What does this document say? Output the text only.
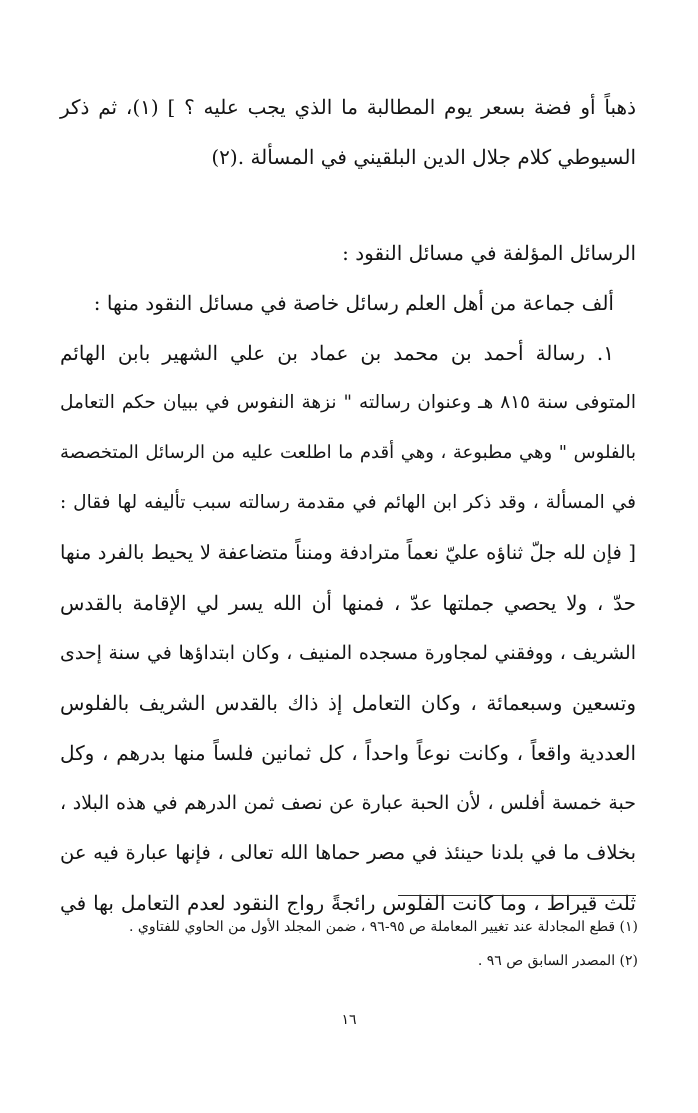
ذهباً أو فضة بسعر يوم المطالبة ما الذي يجب عليه ؟ ] (١)، ثم ذكر
السيوطي كلام جلال الدين البلقيني في المسألة .(٢)
الرسائل المؤلفة في مسائل النقود :
ألف جماعة من أهل العلم رسائل خاصة في مسائل النقود منها :
١. رسالة أحمد بن محمد بن عماد بن علي الشهير بابن الهائم
المتوفى سنة ٨١٥ هـ وعنوان رسالته " نزهة النفوس في ببيان حكم التعامل
بالفلوس " وهي مطبوعة ، وهي أقدم ما اطلعت عليه من الرسائل المتخصصة
في المسألة ، وقد ذكر ابن الهائم في مقدمة رسالته سبب تأليفه لها فقال :
[ فإن لله جلّ ثناؤه عليّ نعماً مترادفة ومنناً متضاعفة لا يحيط بالفرد منها
حدّ ، ولا يحصي جملتها عدّ ، فمنها أن الله يسر لي الإقامة بالقدس
الشريف ، ووفقني لمجاورة مسجده المنيف ، وكان ابتداؤها في سنة إحدى
وتسعين وسبعمائة ، وكان التعامل إذ ذاك بالقدس الشريف بالفلوس
العددية واقعاً ، وكانت نوعاً واحداً ، كل ثمانين فلساً منها بدرهم ، وكل
حبة خمسة أفلس ، لأن الحبة عبارة عن نصف ثمن الدرهم في هذه البلاد ،
بخلاف ما في بلدنا حينئذ في مصر حماها الله تعالى ، فإنها عبارة فيه عن
ثلث قيراط ، وما كانت الفلوس رائجةً رواج النقود لعدم التعامل بها في
(١) قطع المجادلة عند تغيير المعاملة ص ٩٥-٩٦ ، ضمن المجلد الأول من الحاوي للفتاوي .
(٢) المصدر السابق ص ٩٦ .
١٦
